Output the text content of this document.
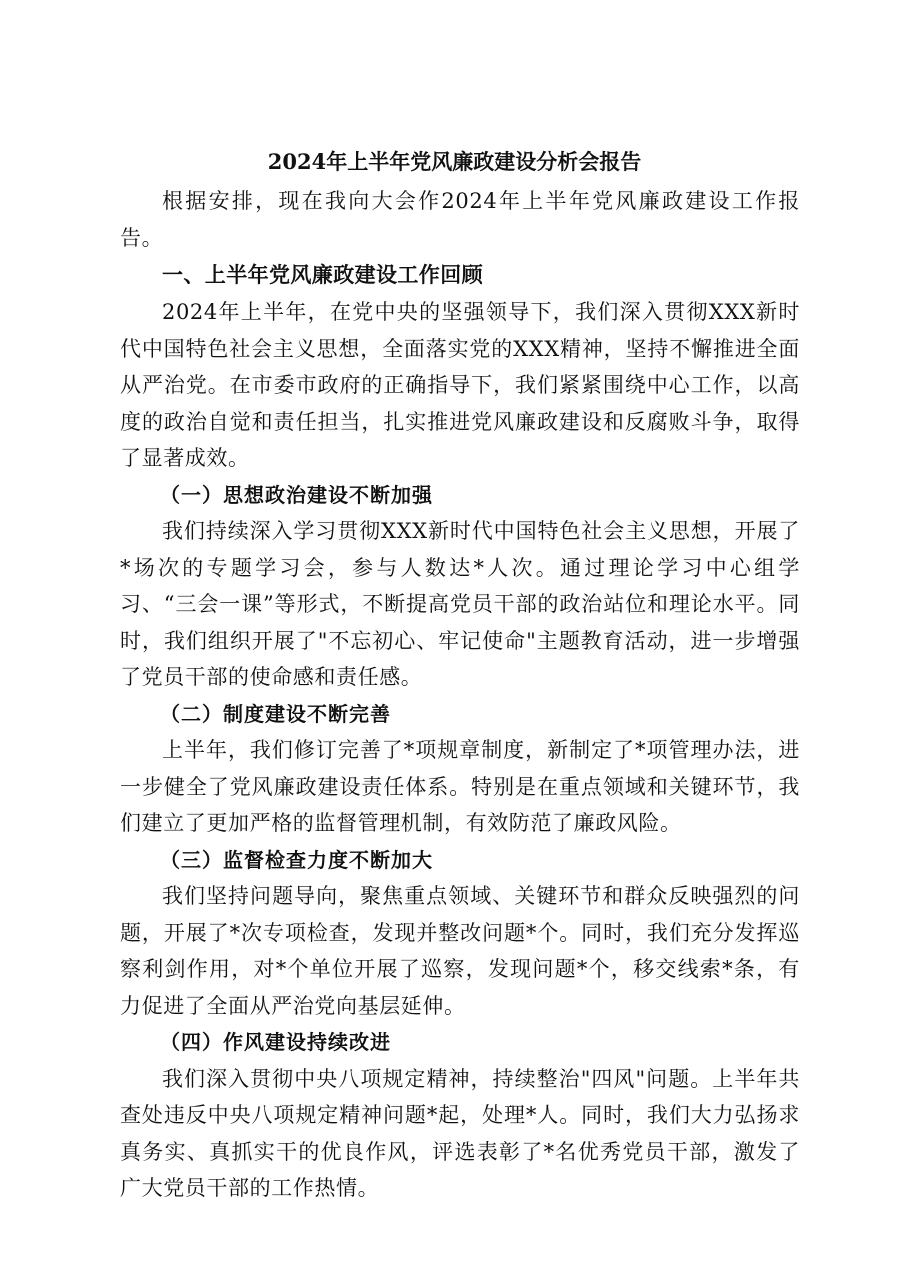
2024年上半年党风廉政建设分析会报告

根据安排，现在我向大会作2024年上半年党风廉政建设工作报告。

一、上半年党风廉政建设工作回顾

2024年上半年，在党中央的坚强领导下，我们深入贯彻XXX新时代中国特色社会主义思想，全面落实党的XXX精神，坚持不懈推进全面从严治党。在市委市政府的正确指导下，我们紧紧围绕中心工作，以高度的政治自觉和责任担当，扎实推进党风廉政建设和反腐败斗争，取得了显著成效。

（一）思想政治建设不断加强

我们持续深入学习贯彻XXX新时代中国特色社会主义思想，开展了*场次的专题学习会，参与人数达*人次。通过理论学习中心组学习、“三会一课”等形式，不断提高党员干部的政治站位和理论水平。同时，我们组织开展了"不忘初心、牢记使命"主题教育活动，进一步增强了党员干部的使命感和责任感。

（二）制度建设不断完善

上半年，我们修订完善了*项规章制度，新制定了*项管理办法，进一步健全了党风廉政建设责任体系。特别是在重点领域和关键环节，我们建立了更加严格的监督管理机制，有效防范了廉政风险。

（三）监督检查力度不断加大

我们坚持问题导向，聚焦重点领域、关键环节和群众反映强烈的问题，开展了*次专项检查，发现并整改问题*个。同时，我们充分发挥巡察利剑作用，对*个单位开展了巡察，发现问题*个，移交线索*条，有力促进了全面从严治党向基层延伸。

（四）作风建设持续改进

我们深入贯彻中央八项规定精神，持续整治"四风"问题。上半年共查处违反中央八项规定精神问题*起，处理*人。同时，我们大力弘扬求真务实、真抓实干的优良作风，评选表彰了*名优秀党员干部，激发了广大党员干部的工作热情。
